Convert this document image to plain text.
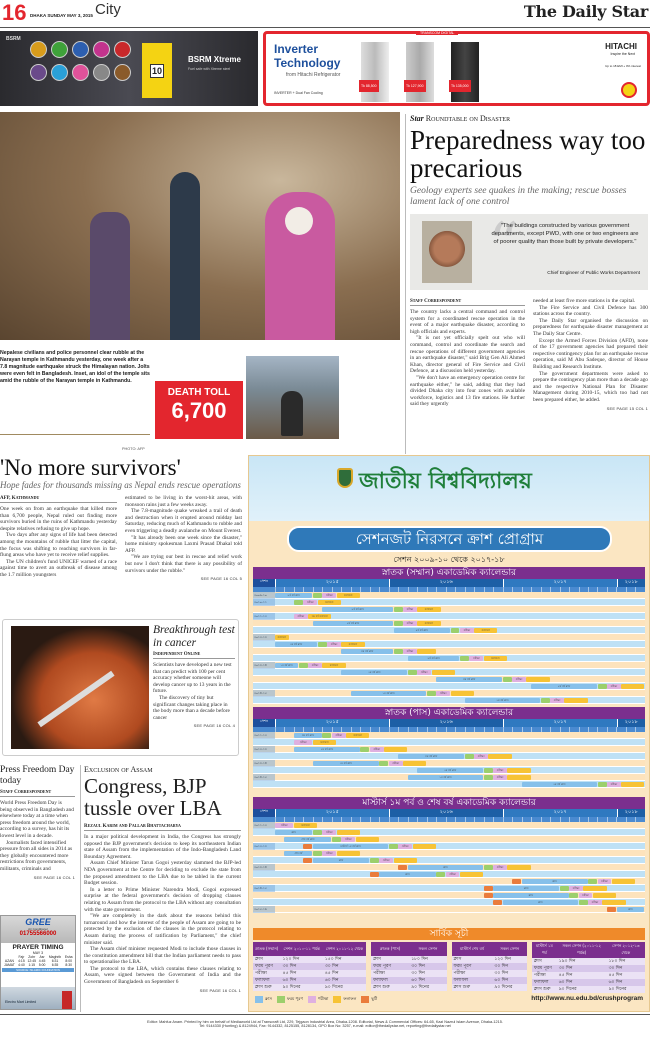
16 DHAKA SUNDAY MAY 3, 2015 City	The Daily Star
BSRM
10
BSRM Xtreme
Fuel safe with Xtreme steel
TRANSCOM DIGITAL
Inverter
Technology
from Hitachi Refrigerator
INVERTER + Dual Fan Cooling
Tk 88,500	Tk 127,900	Tk 135,000
HITACHI
Inspire the Next
Up to 18 EMI + 0% interest

Nepalese civilians and police personnel clear rubble at the Narayan temple in Kathmandu yesterday, one week after a 7.8 magnitude earthquake struck the Himalayan nation. Jolts were even felt in Bangladesh. Inset, an idol of the temple sits amid the rubble of the Narayan temple in Kathmandu.

DEATH TOLL
6,700
PHOTO: AFP
Star Roundtable on Disaster
Preparedness way too precarious

Geology experts see quakes in the making; rescue bosses lament lack of one control

“

"The buildings constructed by various government departments, except PWD, with one or two engineers are of poorer quality than those built by private developers."

Chief Engineer of Public Works Department

Staff Correspondent

The country lacks a central command and control system for a coordinated rescue operation in the event of a major earthquake disaster, according to high officials and experts.

"It is not yet officially spelt out who will command, control and coordinate the search and rescue operations of different government agencies in an earthquake disaster," said Brig Gen Ali Ahmed Khan, director general of Fire Service and Civil Defence, at a discussion held yesterday.

"We don't have an emergency operation centre for earthquake either," he said, adding that they had divided Dhaka city into four zones with available workforce, logistics and 13 fire stations. He further said they urgently

needed at least five more stations in the capital.

The Fire Service and Civil Defence has 300 stations across the country.

The Daily Star organised the discussion on preparedness for earthquake disaster management at The Daily Star Centre.

Except the Armed Forces Division (AFD), none of the 17 government agencies had prepared their respective contingency plan for an earthquake rescue operation, said M Abu Sadeque, director of House Building and Research Institute.

The government departments were asked to prepare the contingency plan more than a decade ago and the respective National Plan for Disaster Management during 2010-15, which too had not been prepared either, he added.

SEE PAGE 15 COL 1
'No more survivors'

Hope fades for thousands missing as Nepal ends rescue operations

AFP, Kathmandu

One week on from an earthquake that killed more than 6,700 people, Nepal ruled out finding more survivors buried in the ruins of Kathmandu yesterday despite relatives refusing to give up hope.

Two days after any signs of life had been detected among the mountains of rubble that litter the capital, the focus was shifting to reaching survivors in far-flung areas who have yet to receive relief supplies.

The UN children's fund UNICEF warned of a race against time to avert an outbreak of disease among the 1.7 million youngsters

estimated to be living in the worst-hit areas, with monsoon rains just a few weeks away.

The 7.8-magnitude quake wreaked a trail of death and destruction when it erupted around midday last Saturday, reducing much of Kathmandu to rubble and even triggering a deadly avalanche on Mount Everest.

"It has already been one week since the disaster," home ministry spokesman Laxmi Prasad Dhakal told AFP.

"We are trying our best in rescue and relief work but now I don't think that there is any possibility of survivors under the rubble."

SEE PAGE 16 COL 5
Breakthrough test in cancer
Independent Online

Scientists have developed a new test that can predict with 100 per cent accuracy whether someone will develop cancer up to 13 years in the future.

The discovery of tiny but significant changes taking place in the body more than a decade before cancer

SEE PAGE 16 COL 4
Press Freedom Day today
Staff Correspondent

World Press Freedom Day is being observed in Bangladesh and elsewhere today at a time when press freedom around the world, according to a survey, has hit its lowest level in a decade.

Journalists faced intensified pressure from all sides in 2014 as they globally encountered more restrictions from governments, militants, criminals and

SEE PAGE 16 COL 1
GREE
Air Conditioner
01755566000
PRAYER TIMING
MAY 3
	Fajr	Zohr	Asr	Maghrib	Esha
AZAN	4:15	12:45	4:45	6:31	8:00
JAMAT	4:40	1:15	5:00	6:35	8:30
SOURCE: ISLAMIC FOUNDATION
Electro Mart Limited
Exclusion of Assam
Congress, BJP tussle over LBA
Rezaul Karim and Pallab Bhattacharya

In a major political development in India, the Congress has strongly opposed the BJP government's decision to keep its northeastern Indian state of Assam from the implementation of the Indo-Bangladesh Land Boundary Agreement.

Assam Chief Minister Tarun Gogoi yesterday slammed the BJP-led NDA government at the Centre for deciding to exclude the state from the proposed amendment to the LBA due to be tabled in the current Budget session.

In a letter to Prime Minister Narendra Modi, Gogoi expressed surprise at the federal government's decision of dropping clauses relating to Assam from the protocol to the LBA without any consultation with the state government.

"We are completely in the dark about the reasons behind this turnaround and how the interest of the people of Assam are going to be protected by the exclusion of the clauses in the protocol relating to Assam during the process of ratification by Parliament," the chief minister said.

The Assam chief minister requested Modi to include those clauses in the constitution amendment bill that the Indian parliament needs to pass to operationalise the LBA.

The protocol to the LBA, which contains these clauses relating to Assam, were signed between the Government of India and the Government of Bangladesh on September 6

SEE PAGE 16 COL 1
জাতীয় বিশ্ববিদ্যালয়
সেশনজট নিরসনে ক্রাশ প্রোগ্রাম
সেশন ২০০৯-১০ থেকে ২০১৭-১৮
http://www.nu.edu.bd/crushprogram
ক্লাস	ফরম পূরণ	পরীক্ষা	ফলাফল	ছুটি
স্নাতক (সম্মান) একাডেমিক ক্যালেন্ডার
সেশন	২০১৫	২০১৬	২০১৭	২০১৮
২০০৯-১০	৪র্থ বর্ষ ক্লাস	পরীক্ষা	ফলাফল
২০১০-১১	পরীক্ষা	ফলাফল
৪র্থ বর্ষ ক্লাস	পরীক্ষা	ফলাফল
২০১১-১২	পরীক্ষা	৩য় বর্ষ ফলাফল
৪র্থ বর্ষ ক্লাস	পরীক্ষা	ফলাফল
৪র্থ বর্ষ ক্লাস	পরীক্ষা	ফলাফল
২০১২-১৩	ফলাফল
২য় বর্ষ ক্লাস	পরীক্ষা	ফলাফল
৩য় বর্ষ ক্লাস	পরীক্ষা
৪র্থ বর্ষ ক্লাস	পরীক্ষা	ফলাফল
২০১৩-১৪	১ম বর্ষ ক্লাস	পরীক্ষা	ফলাফল
২য় বর্ষ ক্লাস	পরীক্ষা
৩য় বর্ষ ক্লাস	পরীক্ষা
৪র্থ বর্ষ ক্লাস	পরীক্ষা
২০১৪-১৫	১ম বর্ষ ক্লাস	পরীক্ষা
২য় বর্ষ ক্লাস	পরীক্ষা
স্নাতক (পাস) একাডেমিক ক্যালেন্ডার
সেশন	২০১৫	২০১৬	২০১৭	২০১৮
২০১১-১২	৩য় বর্ষ ক্লাস	পরীক্ষা	ফলাফল
পরীক্ষা	ফলাফল
২০১২-১৩	২য় বর্ষ ক্লাস	পরীক্ষা
৩য় বর্ষ ক্লাস	পরীক্ষা
২০১৩-১৪	১ম বর্ষ ক্লাস	পরীক্ষা
২য় বর্ষ ক্লাস	পরীক্ষা
২০১৪-১৫	১ম বর্ষ ক্লাস	পরীক্ষা
২য় বর্ষ ক্লাস	পরীক্ষা
মাস্টার্স ১ম পর্ব ও শেষ বর্ষ একাডেমিক ক্যালেন্ডার
সেশন	২০১৫	২০১৬	২০১৭	২০১৮
২০১১-১২	পরীক্ষা	ফলাফল
ক্লাস	পরীক্ষা
শেষ বর্ষ ক্লাস	পরীক্ষা
২০১২-১৩	মাস্টার্স ১ম পর্ব ক্লাস	পরীক্ষা
শেষ বর্ষ	পরীক্ষা
ক্লাস	পরীক্ষা
২০১৩-১৪	ক্লাস	পরীক্ষা
ক্লাস	পরীক্ষা
ক্লাস	পরীক্ষা
২০১৪-১৫	ক্লাস	পরীক্ষা
ক্লাস	পরীক্ষা
ক্লাস	পরীক্ষা
২০১৫-১৬	ক্লাস
সার্বিক সূচী
স্নাতক (সম্মান)	সেশন ২০১০-১১ পর্যন্ত	সেশন ২০১১-১২ থেকে
ক্লাস	১২০ দিন	১৫০ দিন
ফরম পূরণ	৩০ দিন	৩০ দিন
পরীক্ষা	৪৫ দিন	৪৫ দিন
ফলাফল	৬০ দিন	৬০ দিন
ক্লাস শুরু	৯০ দিনের	৯০ দিনের
স্নাতক (পাস)	সকল সেশন
ক্লাস	১৮০ দিন
ফরম পূরণ	৩০ দিন
পরীক্ষা	৩০ দিন
ফলাফল	৬০ দিন
ক্লাস শুরু	৯০ দিনের
মাস্টার্স শেষ বর্ষ	সকল সেশন
ক্লাস	১২০ দিন
ফরম পূরণ	৩০ দিন
পরীক্ষা	৩০ দিন
ফলাফল	৬০ দিন
ক্লাস শুরু	৯০ দিনের
মাস্টার্স ১ম পর্ব	সকল সেশন (২০১১-১২ পর্যন্ত)	সেশন ২০১২-১৩ থেকে
ক্লাস	১৯০ দিন	১৮০ দিন
ফরম পূরণ	৩০ দিন	৩০ দিন
পরীক্ষা	৪৫ দিন	৪৫ দিন
ফলাফল	৬০ দিন	৬০ দিন
ক্লাস শুরু	৯০ দিনের	৯০ দিনের
Editor: Mahfuz Anam. Printed by him on behalf of Mediaworld Ltd at Transcraft Ltd, 229, Tejgaon Industrial Area, Dhaka-1208. Editorial, News & Commercial Offices: 64-65, Kazi Nazrul Islam Avenue, Dhaka-1215.
Tel: 9144330 (Hunting) & 8124944, Fax: 9144332, 8125155, 8128134, GPO Box No: 3257, e-mail: editor@thedailystar.net, reporting@thedailystar.net
